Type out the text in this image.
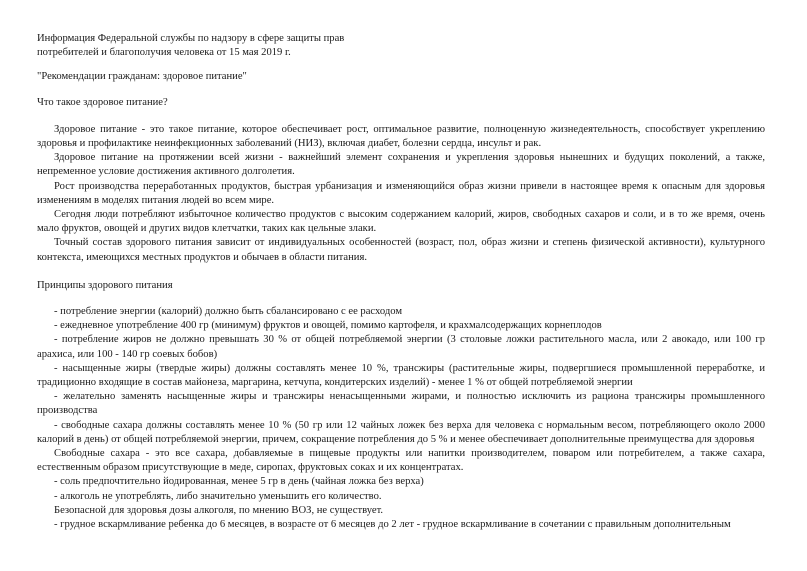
Информация Федеральной службы по надзору в сфере защиты прав
потребителей и благополучия человека от 15 мая 2019 г.

"Рекомендации гражданам: здоровое питание"

Что такое здоровое питание?

Здоровое питание - это такое питание, которое обеспечивает рост, оптимальное развитие, полноценную жизнедеятельность, способствует укреплению здоровья и профилактике неинфекционных заболеваний (НИЗ), включая диабет, болезни сердца, инсульт и рак.

Здоровое питание на протяжении всей жизни - важнейший элемент сохранения и укрепления здоровья нынешних и будущих поколений, а также, непременное условие достижения активного долголетия.

Рост производства переработанных продуктов, быстрая урбанизация и изменяющийся образ жизни привели в настоящее время к опасным для здоровья изменениям в моделях питания людей во всем мире.

Сегодня люди потребляют избыточное количество продуктов с высоким содержанием калорий, жиров, свободных сахаров и соли, и в то же время, очень мало фруктов, овощей и других видов клетчатки, таких как цельные злаки.

Точный состав здорового питания зависит от индивидуальных особенностей (возраст, пол, образ жизни и степень физической активности), культурного контекста, имеющихся местных продуктов и обычаев в области питания.

Принципы здорового питания

- потребление энергии (калорий) должно быть сбалансировано с ее расходом

- ежедневное употребление 400 гр (минимум) фруктов и овощей, помимо картофеля, и крахмалсодержащих корнеплодов

- потребление жиров не должно превышать 30 % от общей потребляемой энергии (3 столовые ложки растительного масла, или 2 авокадо, или 100 гр арахиса, или 100 - 140 гр соевых бобов)

- насыщенные жиры (твердые жиры) должны составлять менее 10 %, трансжиры (растительные жиры, подвергшиеся промышленной переработке, и традиционно входящие в состав майонеза, маргарина, кетчупа, кондитерских изделий) - менее 1 % от общей потребляемой энергии

- желательно заменять насыщенные жиры и трансжиры ненасыщенными жирами, и полностью исключить из рациона трансжиры промышленного производства

- свободные сахара должны составлять менее 10 % (50 гр или 12 чайных ложек без верха для человека с нормальным весом, потребляющего около 2000 калорий в день) от общей потребляемой энергии, причем, сокращение потребления до 5 % и менее обеспечивает дополнительные преимущества для здоровья

Свободные сахара - это все сахара, добавляемые в пищевые продукты или напитки производителем, поваром или потребителем, а также сахара, естественным образом присутствующие в меде, сиропах, фруктовых соках и их концентратах.

- соль предпочтительно йодированная, менее 5 гр в день (чайная ложка без верха)

- алкоголь не употреблять, либо значительно уменьшить его количество.

Безопасной для здоровья дозы алкоголя, по мнению ВОЗ, не существует.

- грудное вскармливание ребенка до 6 месяцев, в возрасте от 6 месяцев до 2 лет - грудное вскармливание в сочетании с правильным дополнительным
